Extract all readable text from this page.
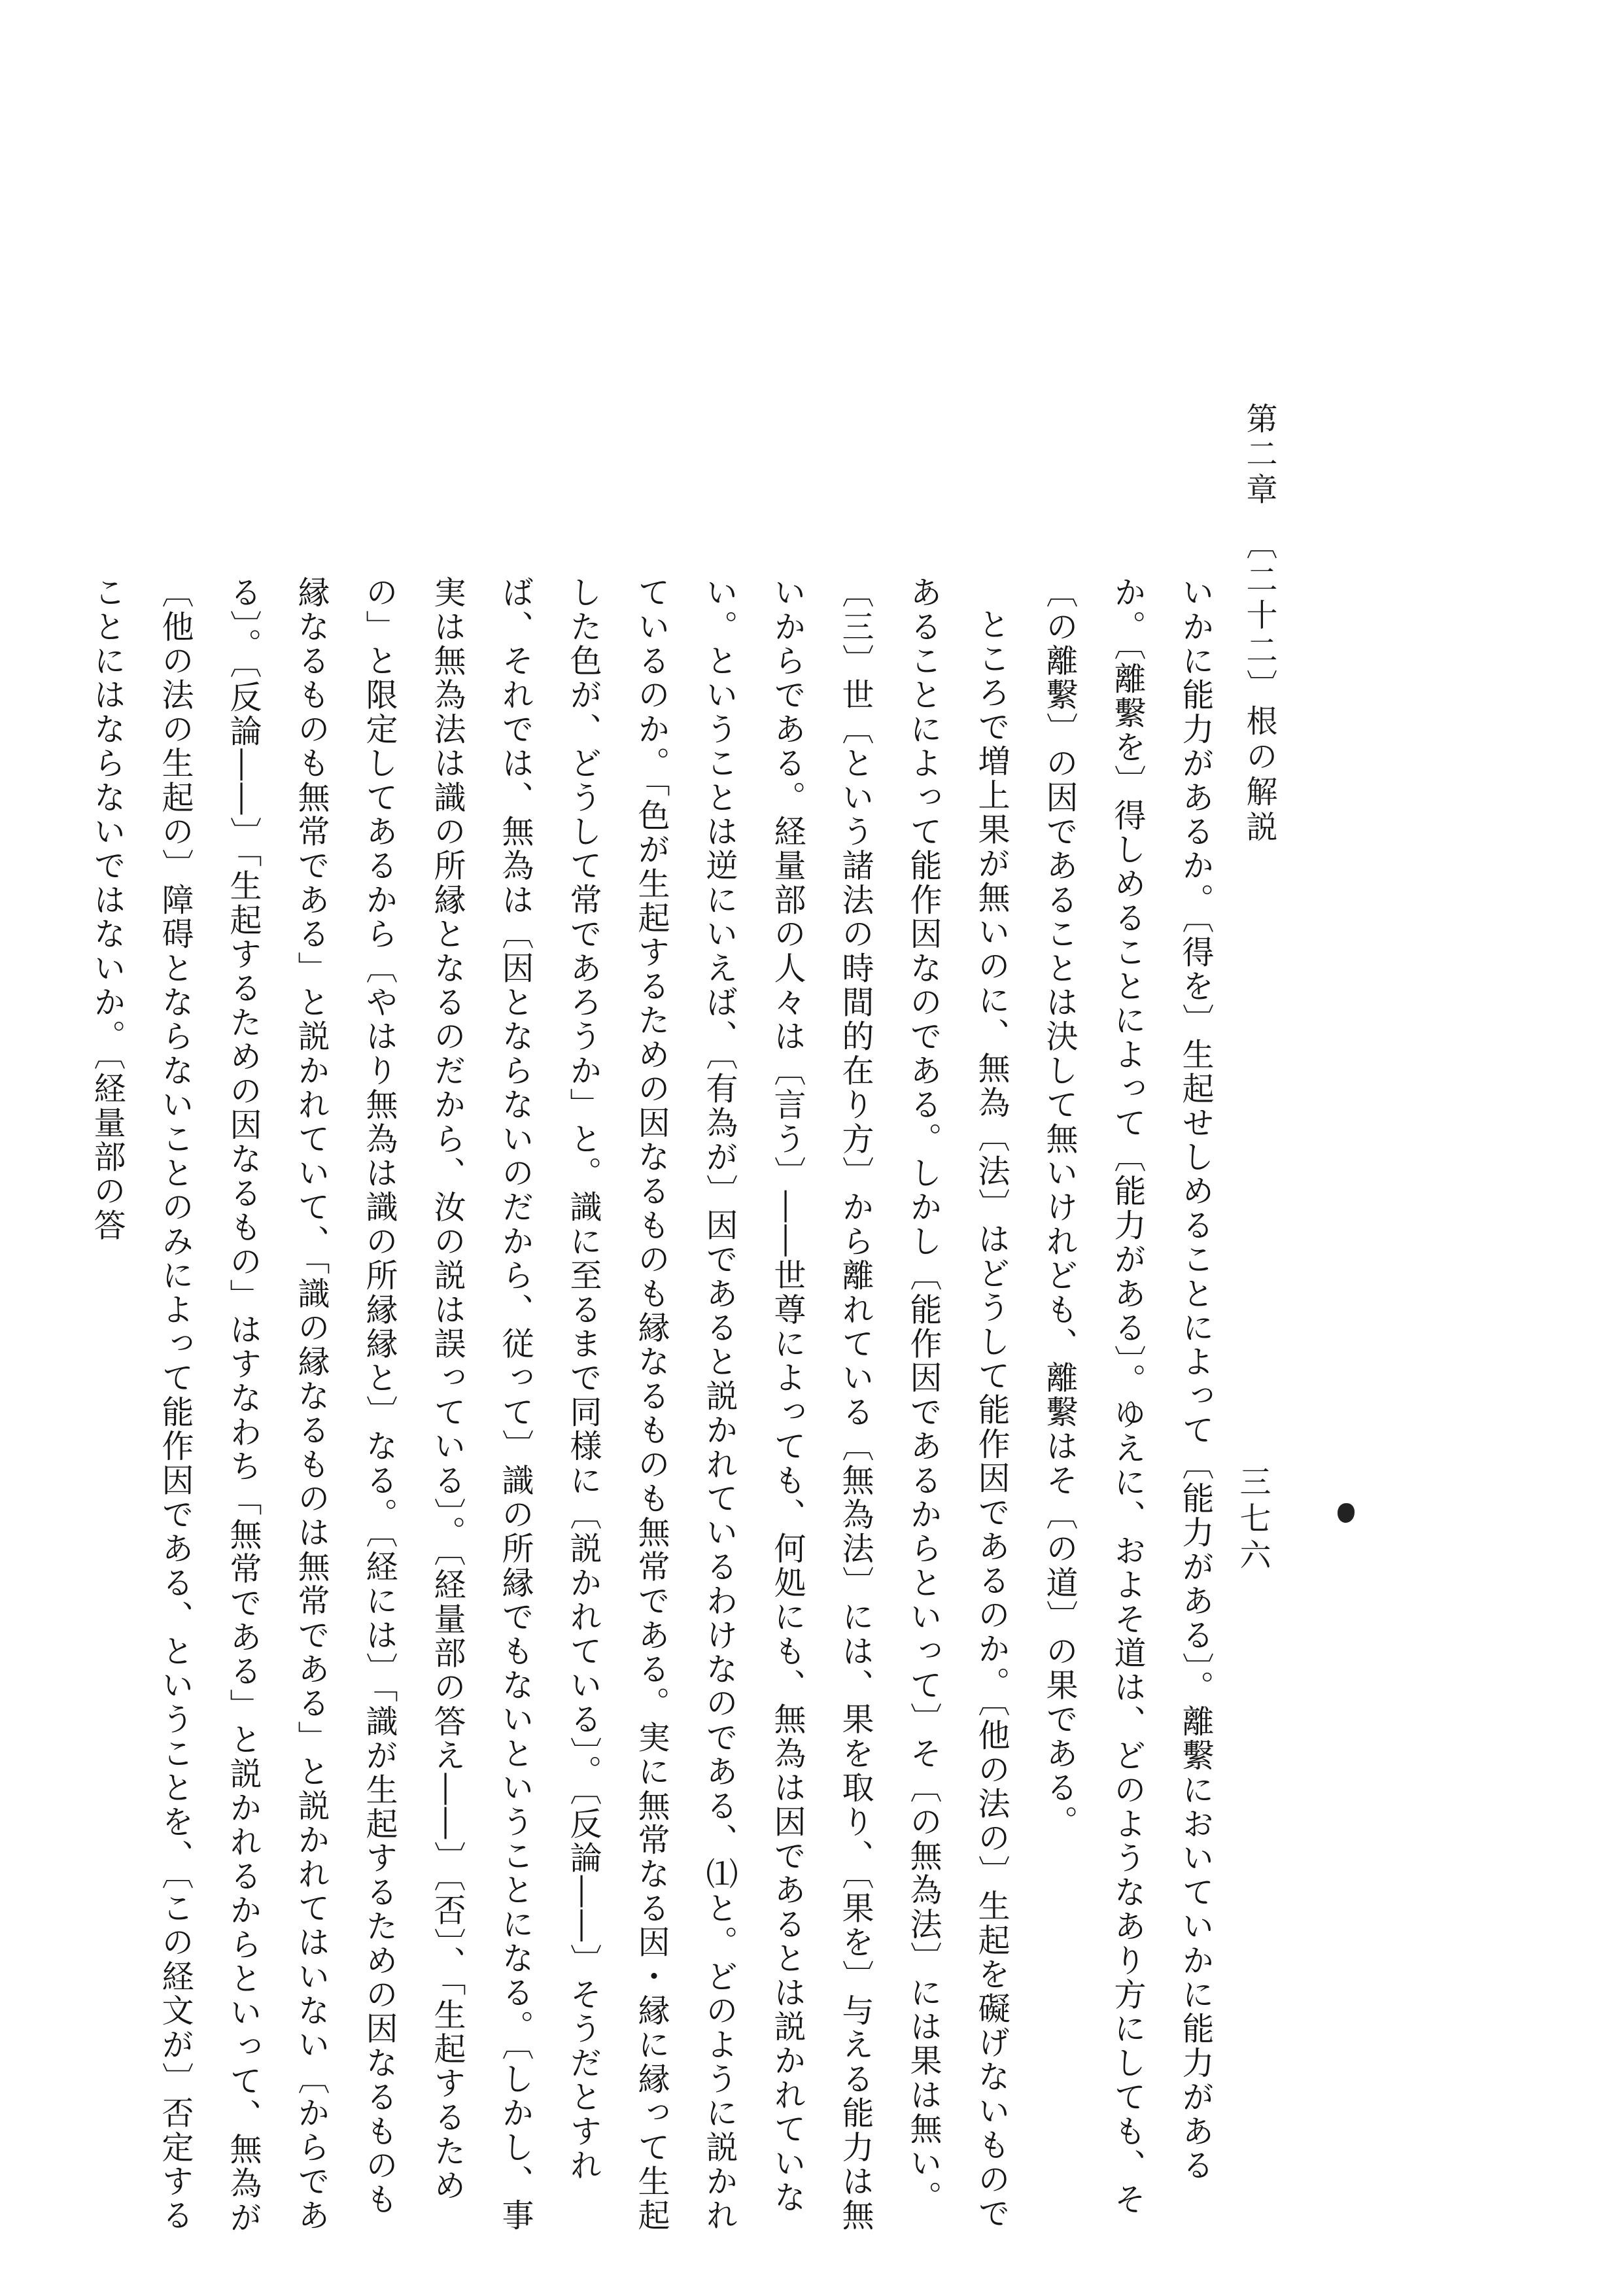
第二章　〔二十二〕根の解説
三七六

いかに能力があるか。〔得を〕生起せしめることによって〔能力がある〕。離繫においていかに能力があるか。〔離繫を〕得しめることによって〔能力がある〕。ゆえに、およそ道は、どのようなあり方にしても、そ〔の離繫〕の因であることは決して無いけれども、離繫はそ〔の道〕の果である。

ところで増上果が無いのに、無為〔法〕はどうして能作因であるのか。〔他の法の〕生起を礙げないものであることによって能作因なのである。しかし〔能作因であるからといって〕そ〔の無為法〕には果は無い。〔三〕世〔という諸法の時間的在り方〕から離れている〔無為法〕には、果を取り、〔果を〕与える能力は無いからである。経量部の人々は〔言う〕――世尊によっても、何処にも、無為は因であるとは説かれていない。ということは逆にいえば、〔有為が〕因であると説かれているわけなのである、⑴と。どのように説かれているのか。「色が生起するための因なるものも縁なるものも無常である。実に無常なる因・縁に縁って生起した色が、どうして常であろうか」と。識に至るまで同様に〔説かれている〕。〔反論――〕そうだとすれば、それでは、無為は〔因とならないのだから、従って〕識の所縁でもないということになる。〔しかし、事実は無為法は識の所縁となるのだから、汝の説は誤っている〕。〔経量部の答え――〕〔否〕、「生起するための」と限定してあるから〔やはり無為は識の所縁縁と〕なる。〔経には〕「識が生起するための因なるものも縁なるものも無常である」と説かれていて、「識の縁なるものは無常である」と説かれてはいない〔からである〕。〔反論――〕「生起するための因なるもの」はすなわち「無常である」と説かれるからといって、無為が〔他の法の生起の〕障碍とならないことのみによって能作因である、ということを、〔この経文が〕否定することにはならないではないか。〔経量部の答
